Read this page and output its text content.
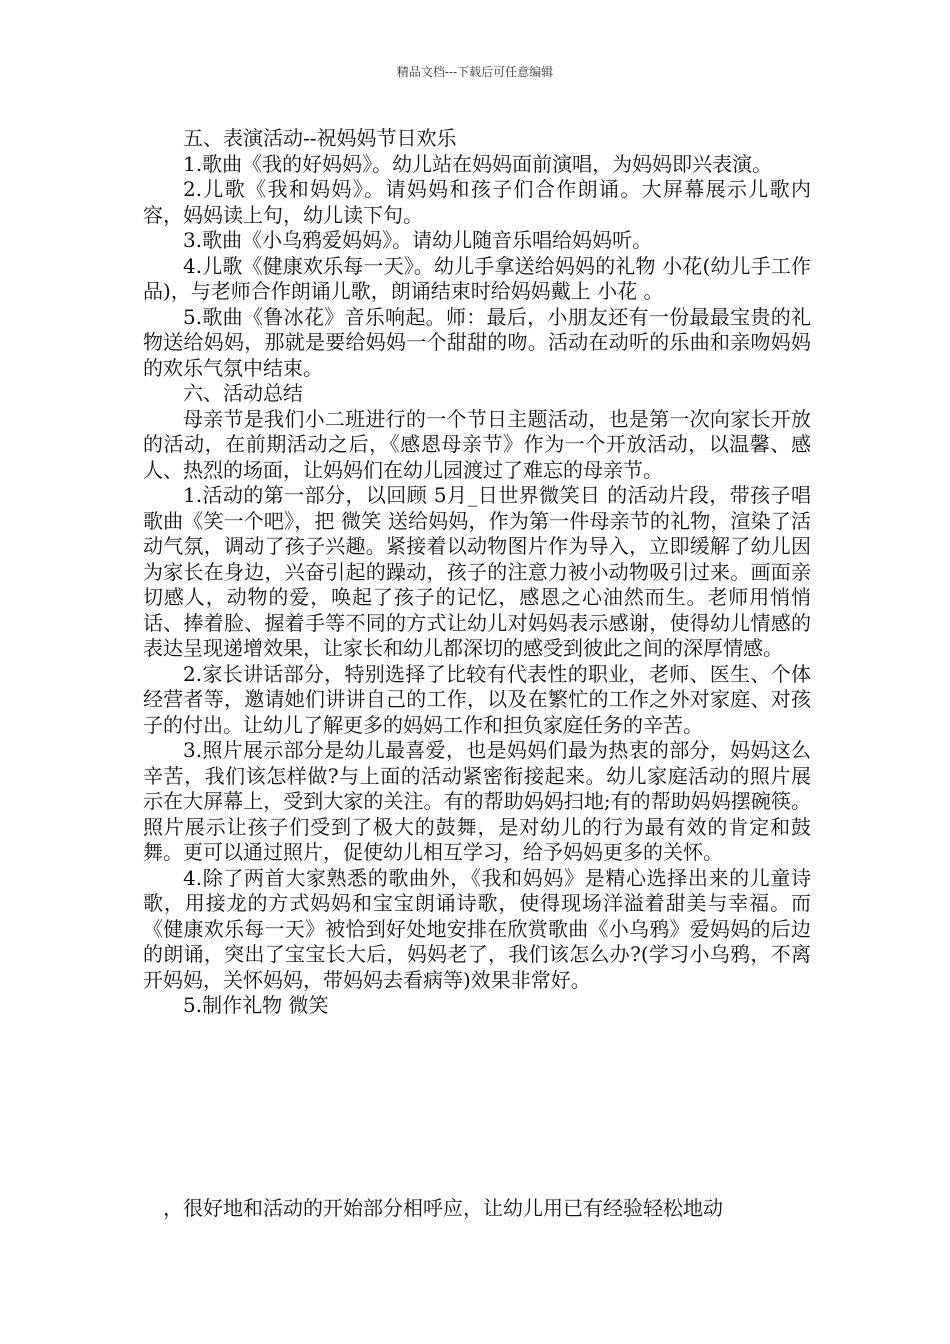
精品文档---下载后可任意编辑

五、表演活动--祝妈妈节日欢乐

1.歌曲《我的好妈妈》。幼儿站在妈妈面前演唱，为妈妈即兴表演。

2.儿歌《我和妈妈》。请妈妈和孩子们合作朗诵。大屏幕展示儿歌内容，妈妈读上句，幼儿读下句。

3.歌曲《小乌鸦爱妈妈》。请幼儿随音乐唱给妈妈听。

4.儿歌《健康欢乐每一天》。幼儿手拿送给妈妈的礼物 小花(幼儿手工作品)，与老师合作朗诵儿歌，朗诵结束时给妈妈戴上 小花 。

5.歌曲《鲁冰花》音乐响起。师：最后，小朋友还有一份最最宝贵的礼物送给妈妈，那就是要给妈妈一个甜甜的吻。活动在动听的乐曲和亲吻妈妈的欢乐气氛中结束。

六、活动总结

母亲节是我们小二班进行的一个节日主题活动，也是第一次向家长开放的活动，在前期活动之后，《感恩母亲节》作为一个开放活动，以温馨、感人、热烈的场面，让妈妈们在幼儿园渡过了难忘的母亲节。

1.活动的第一部分，以回顾 5月_日世界微笑日 的活动片段，带孩子唱歌曲《笑一个吧》，把 微笑 送给妈妈，作为第一件母亲节的礼物，渲染了活动气氛，调动了孩子兴趣。紧接着以动物图片作为导入，立即缓解了幼儿因为家长在身边，兴奋引起的躁动，孩子的注意力被小动物吸引过来。画面亲切感人，动物的爱，唤起了孩子的记忆，感恩之心油然而生。老师用悄悄话、捧着脸、握着手等不同的方式让幼儿对妈妈表示感谢，使得幼儿情感的表达呈现递增效果，让家长和幼儿都深切的感受到彼此之间的深厚情感。

2.家长讲话部分，特别选择了比较有代表性的职业，老师、医生、个体经营者等，邀请她们讲讲自己的工作，以及在繁忙的工作之外对家庭、对孩子的付出。让幼儿了解更多的妈妈工作和担负家庭任务的辛苦。

3.照片展示部分是幼儿最喜爱，也是妈妈们最为热衷的部分，妈妈这么辛苦，我们该怎样做?与上面的活动紧密衔接起来。幼儿家庭活动的照片展示在大屏幕上，受到大家的关注。有的帮助妈妈扫地;有的帮助妈妈摆碗筷。照片展示让孩子们受到了极大的鼓舞，是对幼儿的行为最有效的肯定和鼓舞。更可以通过照片，促使幼儿相互学习，给予妈妈更多的关怀。

4.除了两首大家熟悉的歌曲外，《我和妈妈》是精心选择出来的儿童诗歌，用接龙的方式妈妈和宝宝朗诵诗歌，使得现场洋溢着甜美与幸福。而《健康欢乐每一天》被恰到好处地安排在欣赏歌曲《小乌鸦》爱妈妈的后边的朗诵，突出了宝宝长大后，妈妈老了，我们该怎么办?(学习小乌鸦，不离开妈妈，关怀妈妈，带妈妈去看病等)效果非常好。

5.制作礼物 微笑

，很好地和活动的开始部分相呼应，让幼儿用已有经验轻松地动
